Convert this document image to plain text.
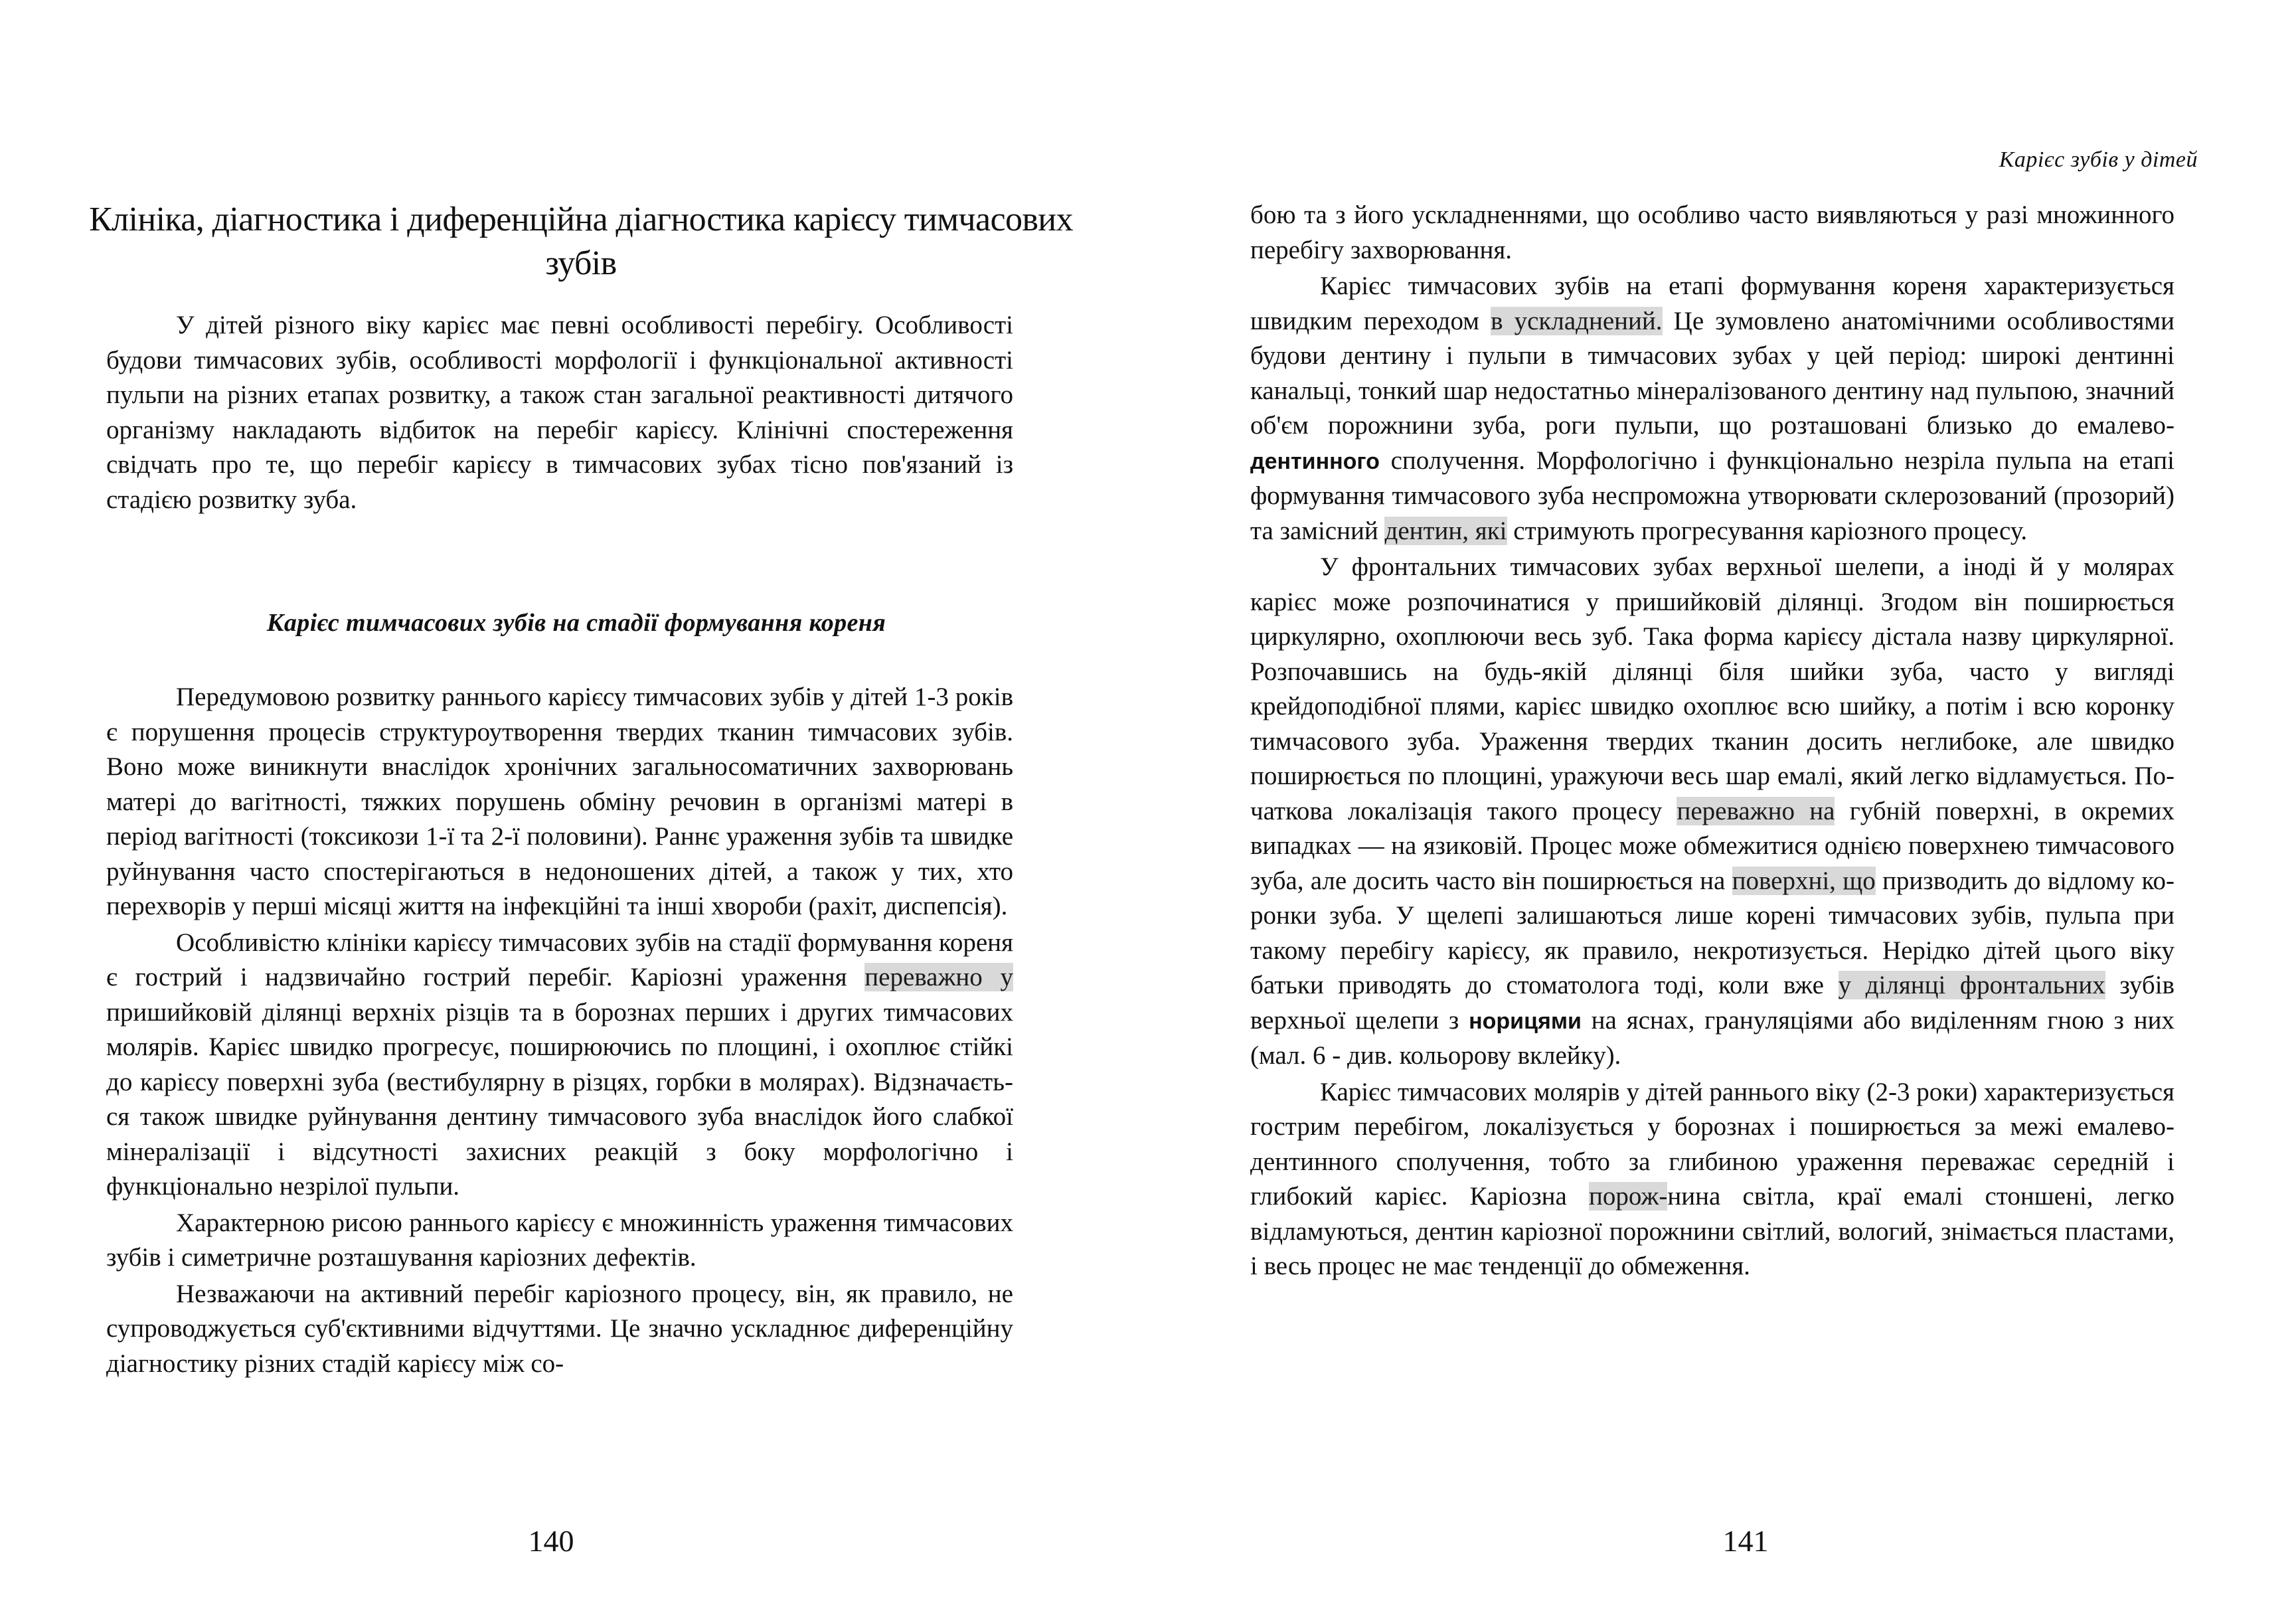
Клініка, діагностика і диференційна діагностика карієсу тимчасових зубів

У дітей різного віку карієс має певні особливості перебігу. Особливості будови тимчасових зубів, особливості морфології і функціональної активності пульпи на різних етапах розвитку, а також стан загальної реактивності дитячого організму накладають відбиток на перебіг карієсу. Клінічні спостереження свідчать про те, що перебіг карієсу в тимчасових зубах тісно пов'язаний із стадією розвитку зуба.

Карієс тимчасових зубів на стадії формування кореня

Передумовою розвитку раннього карієсу тимчасових зубів у дітей 1-3 років є порушення процесів структуроутворення твердих тканин тимчасових зубів. Воно може виникнути внаслідок хронічних загальносоматичних захворювань матері до вагітності, тяжких порушень обміну речовин в організмі матері в період вагітності (токсикози 1-ї та 2-ї половини). Раннє ураження зубів та швидке руйнування часто спостерігаються в недоношених дітей, а також у тих, хто перехворів у перші місяці життя на інфекційні та інші хвороби (рахіт, диспепсія).

Особливістю клініки карієсу тимчасових зубів на стадії формування кореня є гострий і надзвичайно гострий перебіг. Каріозні ураження переважно у пришийковій ділянці верхніх різців та в борознах перших і других тимчасових молярів. Карієс швидко прогресує, поширюючись по площині, і охоплює стійкі до карієсу поверхні зуба (вестибулярну в різцях, горбки в молярах). Відзначається також швидке руйнування дентину тимчасового зуба внаслідок його слабкої мінералізації і відсутності захисних реакцій з боку морфологічно і функціонально незрілої пульпи.

Характерною рисою раннього карієсу є множинність ураження тимчасових зубів і симетричне розташування каріозних дефектів.

Незважаючи на активний перебіг каріозного процесу, він, як правило, не супроводжується суб'єктивними відчуттями. Це значно ускладнює диференційну діагностику різних стадій карієсу між со-

140
Карієс зубів у дітей

бою та з його ускладненнями, що особливо часто виявляються у разі множинного перебігу захворювання.

Карієс тимчасових зубів на етапі формування кореня характеризується швидким переходом в ускладнений. Це зумовлено анатомічними особливостями будови дентину і пульпи в тимчасових зубах у цей період: широкі дентинні канальці, тонкий шар недостатньо мінералізованого дентину над пульпою, значний об'єм порожнини зуба, роги пульпи, що розташовані близько до емалево-дентинного сполучення. Морфологічно і функціонально незріла пульпа на етапі формування тимчасового зуба неспроможна утворювати склерозований (прозорий) та замісний дентин, які стримують прогресування каріозного процесу.

У фронтальних тимчасових зубах верхньої шелепи, а іноді й у молярах карієс може розпочинатися у пришийковій ділянці. Згодом він поширюється циркулярно, охоплюючи весь зуб. Така форма карієсу дістала назву циркулярної. Розпочавшись на будь-якій ділянці біля шийки зуба, часто у вигляді крейдоподібної плями, карієс швидко охоплює всю шийку, а потім і всю коронку тимчасового зуба. Ураження твердих тканин досить неглибоке, але швидко поширюється по площині, уражуючи весь шар емалі, який легко відламується. Початкова локалізація такого процесу переважно на губній поверхні, в окремих випадках — на язиковій. Процес може обмежитися однією поверхнею тимчасового зуба, але досить часто він поширюється на поверхні, що призводить до відлому коронки зуба. У щелепі залишаються лише корені тимчасових зубів, пульпа при такому перебігу карієсу, як правило, некротизується. Нерідко дітей цього віку батьки приводять до стоматолога тоді, коли вже у ділянці фронтальних зубів верхньої щелепи з норицями на яснах, грануляціями або виділенням гною з них (мал. 6 - див. кольорову вклейку).

Карієс тимчасових молярів у дітей раннього віку (2-3 роки) характеризується гострим перебігом, локалізується у борознах і поширюється за межі емалево-дентинного сполучення, тобто за глибиною ураження переважає середній і глибокий карієс. Каріозна порож-нина світла, краї емалі стоншені, легко відламуються, дентин каріозної порожнини світлий, вологий, знімається пластами, і весь процес не має тенденції до обмеження.

141
